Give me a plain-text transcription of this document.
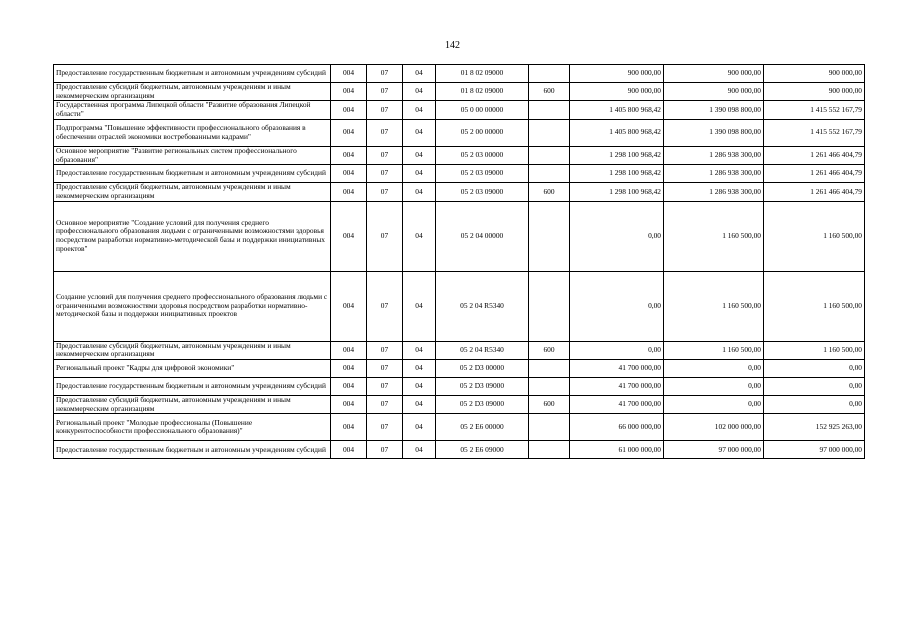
142
Предоставление государственным бюджетным и автономным учреждениям субсидий	004	07	04	01 8 02 09000		900 000,00	900 000,00	900 000,00
Предоставление субсидий бюджетным, автономным учреждениям и иным некоммерческим организациям	004	07	04	01 8 02 09000	600	900 000,00	900 000,00	900 000,00
Государственная программа Липецкой области "Развитие образования Липецкой области"	004	07	04	05 0 00 00000		1 405 800 968,42	1 390 098 800,00	1 415 552 167,79
Подпрограмма "Повышение эффективности профессионального образования в обеспечении отраслей экономики востребованными кадрами"	004	07	04	05 2 00 00000		1 405 800 968,42	1 390 098 800,00	1 415 552 167,79
Основное мероприятие "Развитие региональных систем профессионального образования"	004	07	04	05 2 03 00000		1 298 100 968,42	1 286 938 300,00	1 261 466 404,79
Предоставление государственным бюджетным и автономным учреждениям субсидий	004	07	04	05 2 03 09000		1 298 100 968,42	1 286 938 300,00	1 261 466 404,79
Предоставление субсидий бюджетным, автономным учреждениям и иным некоммерческим организациям	004	07	04	05 2 03 09000	600	1 298 100 968,42	1 286 938 300,00	1 261 466 404,79
Основное мероприятие "Создание условий для получения среднего профессионального образования людьми с ограниченными возможностями здоровья посредством разработки нормативно-методической базы и поддержки инициативных проектов"	004	07	04	05 2 04 00000		0,00	1 160 500,00	1 160 500,00
Создание условий для получения среднего профессионального образования людьми с ограниченными возможностями здоровья посредством разработки нормативно-методической базы и поддержки инициативных проектов	004	07	04	05 2 04 R5340		0,00	1 160 500,00	1 160 500,00
Предоставление субсидий бюджетным, автономным учреждениям и иным некоммерческим организациям	004	07	04	05 2 04 R5340	600	0,00	1 160 500,00	1 160 500,00
Региональный проект "Кадры для цифровой экономики"	004	07	04	05 2 D3 00000		41 700 000,00	0,00	0,00
Предоставление государственным бюджетным и автономным учреждениям субсидий	004	07	04	05 2 D3 09000		41 700 000,00	0,00	0,00
Предоставление субсидий бюджетным, автономным учреждениям и иным некоммерческим организациям	004	07	04	05 2 D3 09000	600	41 700 000,00	0,00	0,00
Региональный проект "Молодые профессионалы (Повышение конкурентоспособности профессионального образования)"	004	07	04	05 2 E6 00000		66 000 000,00	102 000 000,00	152 925 263,00
Предоставление государственным бюджетным и автономным учреждениям субсидий	004	07	04	05 2 E6 09000		61 000 000,00	97 000 000,00	97 000 000,00
